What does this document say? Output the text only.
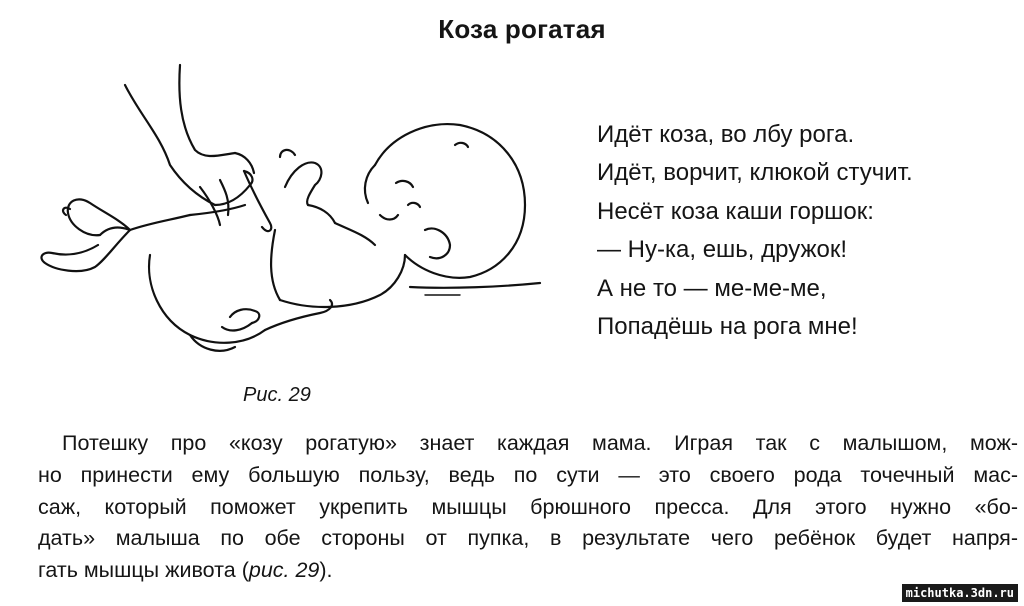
Коза рогатая
Рис. 29
Идёт коза, во лбу рога.
Идёт, ворчит, клюкой стучит.
Несёт коза каши горшок:
— Ну-ка, ешь, дружок!
А не то — ме-ме-ме,
Попадёшь на рога мне!
Потешку про «козу рогатую» знает каждая мама. Играя так с малышом, мож-
но принести ему большую пользу, ведь по сути — это своего рода точечный мас-
саж, который поможет укрепить мышцы брюшного пресса. Для этого нужно «бо-
дать» малыша по обе стороны от пупка, в результате чего ребёнок будет напря-
гать мышцы живота (рис. 29).
michutka.3dn.ru
